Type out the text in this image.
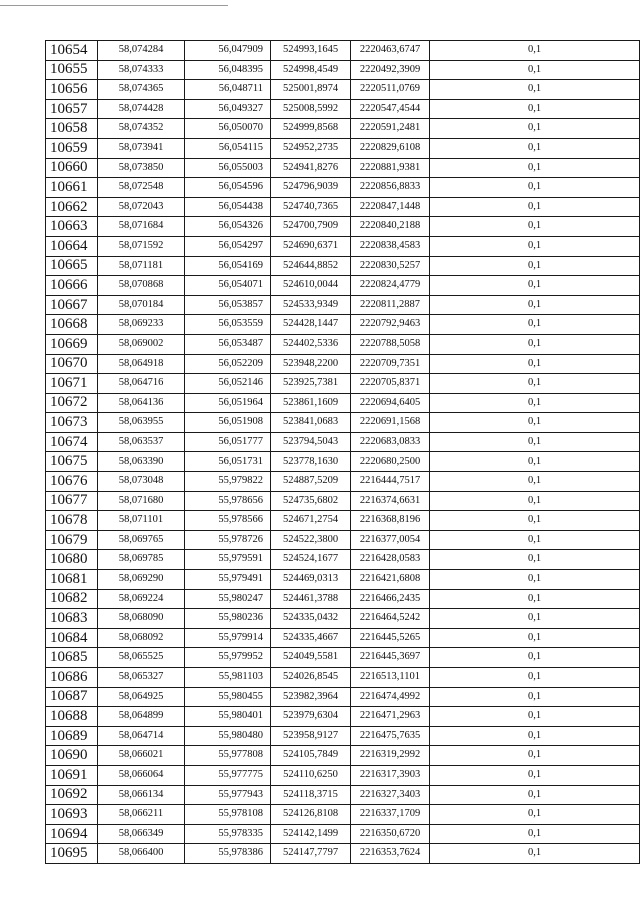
10654	58,074284	56,047909	524993,1645	2220463,6747	0,1
10655	58,074333	56,048395	524998,4549	2220492,3909	0,1
10656	58,074365	56,048711	525001,8974	2220511,0769	0,1
10657	58,074428	56,049327	525008,5992	2220547,4544	0,1
10658	58,074352	56,050070	524999,8568	2220591,2481	0,1
10659	58,073941	56,054115	524952,2735	2220829,6108	0,1
10660	58,073850	56,055003	524941,8276	2220881,9381	0,1
10661	58,072548	56,054596	524796,9039	2220856,8833	0,1
10662	58,072043	56,054438	524740,7365	2220847,1448	0,1
10663	58,071684	56,054326	524700,7909	2220840,2188	0,1
10664	58,071592	56,054297	524690,6371	2220838,4583	0,1
10665	58,071181	56,054169	524644,8852	2220830,5257	0,1
10666	58,070868	56,054071	524610,0044	2220824,4779	0,1
10667	58,070184	56,053857	524533,9349	2220811,2887	0,1
10668	58,069233	56,053559	524428,1447	2220792,9463	0,1
10669	58,069002	56,053487	524402,5336	2220788,5058	0,1
10670	58,064918	56,052209	523948,2200	2220709,7351	0,1
10671	58,064716	56,052146	523925,7381	2220705,8371	0,1
10672	58,064136	56,051964	523861,1609	2220694,6405	0,1
10673	58,063955	56,051908	523841,0683	2220691,1568	0,1
10674	58,063537	56,051777	523794,5043	2220683,0833	0,1
10675	58,063390	56,051731	523778,1630	2220680,2500	0,1
10676	58,073048	55,979822	524887,5209	2216444,7517	0,1
10677	58,071680	55,978656	524735,6802	2216374,6631	0,1
10678	58,071101	55,978566	524671,2754	2216368,8196	0,1
10679	58,069765	55,978726	524522,3800	2216377,0054	0,1
10680	58,069785	55,979591	524524,1677	2216428,0583	0,1
10681	58,069290	55,979491	524469,0313	2216421,6808	0,1
10682	58,069224	55,980247	524461,3788	2216466,2435	0,1
10683	58,068090	55,980236	524335,0432	2216464,5242	0,1
10684	58,068092	55,979914	524335,4667	2216445,5265	0,1
10685	58,065525	55,979952	524049,5581	2216445,3697	0,1
10686	58,065327	55,981103	524026,8545	2216513,1101	0,1
10687	58,064925	55,980455	523982,3964	2216474,4992	0,1
10688	58,064899	55,980401	523979,6304	2216471,2963	0,1
10689	58,064714	55,980480	523958,9127	2216475,7635	0,1
10690	58,066021	55,977808	524105,7849	2216319,2992	0,1
10691	58,066064	55,977775	524110,6250	2216317,3903	0,1
10692	58,066134	55,977943	524118,3715	2216327,3403	0,1
10693	58,066211	55,978108	524126,8108	2216337,1709	0,1
10694	58,066349	55,978335	524142,1499	2216350,6720	0,1
10695	58,066400	55,978386	524147,7797	2216353,7624	0,1
